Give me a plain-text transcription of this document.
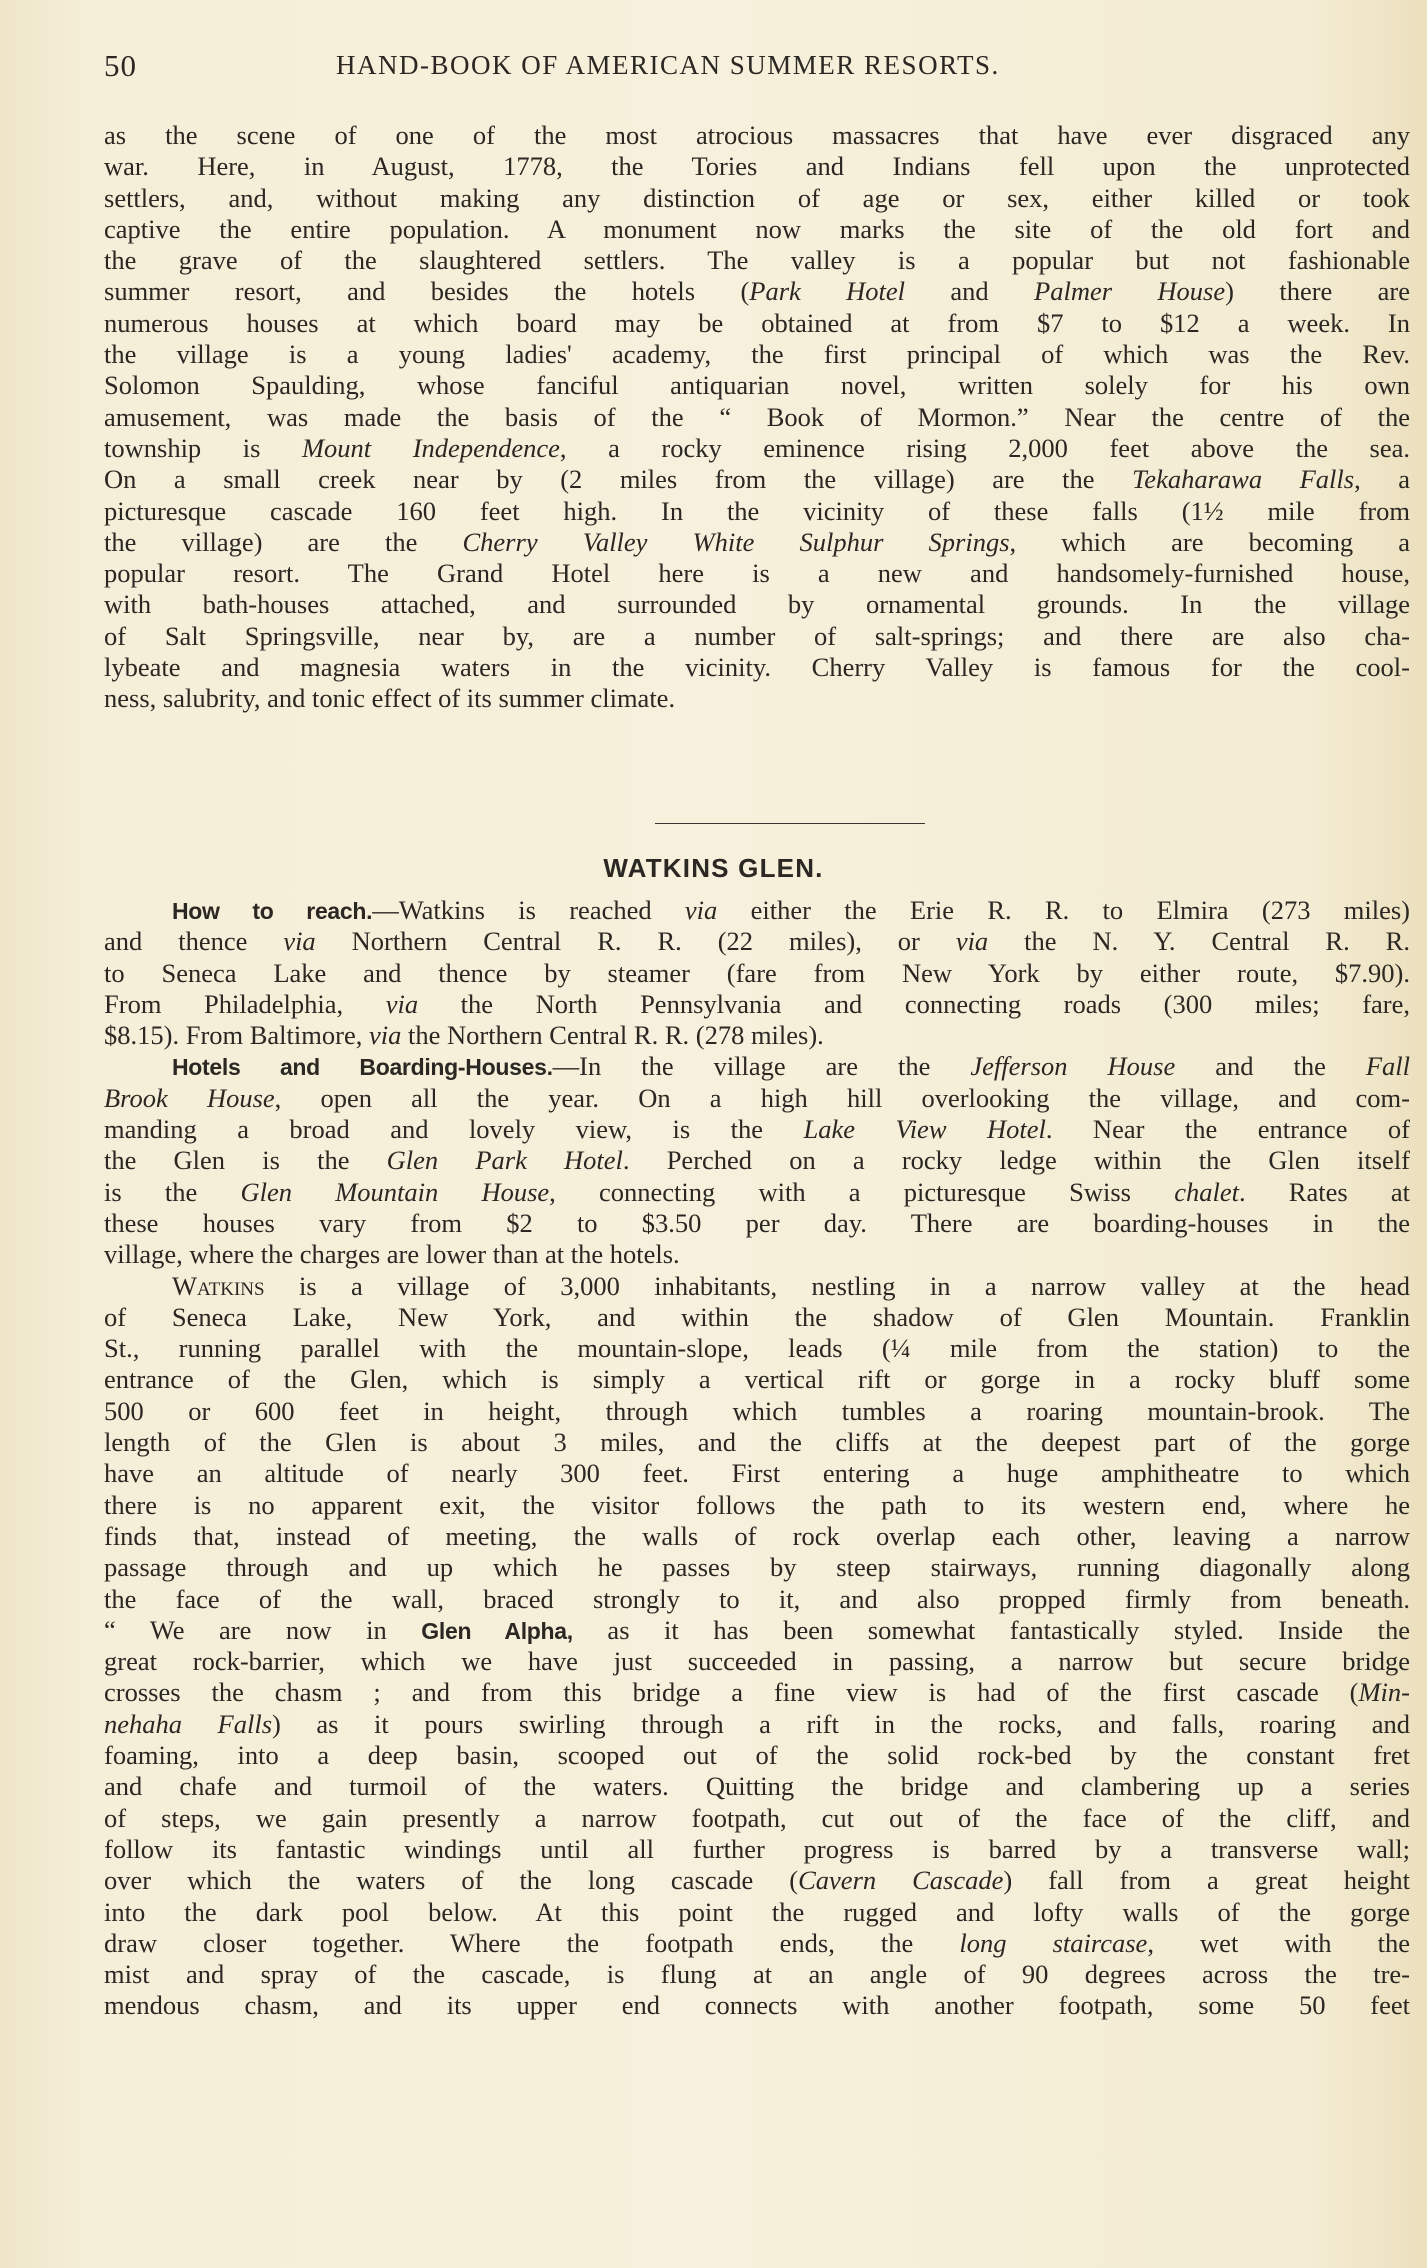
50	HAND-BOOK OF AMERICAN SUMMER RESORTS.
as the scene of one of the most atrocious massacres that have ever disgraced any
war. Here, in August, 1778, the Tories and Indians fell upon the unprotected
settlers, and, without making any distinction of age or sex, either killed or took
captive the entire population. A monument now marks the site of the old fort and
the grave of the slaughtered settlers. The valley is a popular but not fashionable
summer resort, and besides the hotels (Park Hotel and Palmer House) there are
numerous houses at which board may be obtained at from $7 to $12 a week. In
the village is a young ladies' academy, the first principal of which was the Rev.
Solomon Spaulding, whose fanciful antiquarian novel, written solely for his own
amusement, was made the basis of the “ Book of Mormon.” Near the centre of the
township is Mount Independence, a rocky eminence rising 2,000 feet above the sea.
On a small creek near by (2 miles from the village) are the Tekaharawa Falls, a
picturesque cascade 160 feet high. In the vicinity of these falls (1½ mile from
the village) are the Cherry Valley White Sulphur Springs, which are becoming a
popular resort. The Grand Hotel here is a new and handsomely-furnished house,
with bath-houses attached, and surrounded by ornamental grounds. In the village
of Salt Springsville, near by, are a number of salt-springs; and there are also cha-
lybeate and magnesia waters in the vicinity. Cherry Valley is famous for the cool-
ness, salubrity, and tonic effect of its summer climate.
WATKINS GLEN.
How to reach.—Watkins is reached via either the Erie R. R. to Elmira (273 miles)
and thence via Northern Central R. R. (22 miles), or via the N. Y. Central R. R.
to Seneca Lake and thence by steamer (fare from New York by either route, $7.90).
From Philadelphia, via the North Pennsylvania and connecting roads (300 miles; fare,
$8.15). From Baltimore, via the Northern Central R. R. (278 miles).
Hotels and Boarding-Houses.—In the village are the Jefferson House and the Fall
Brook House, open all the year. On a high hill overlooking the village, and com-
manding a broad and lovely view, is the Lake View Hotel. Near the entrance of
the Glen is the Glen Park Hotel. Perched on a rocky ledge within the Glen itself
is the Glen Mountain House, connecting with a picturesque Swiss chalet. Rates at
these houses vary from $2 to $3.50 per day. There are boarding-houses in the
village, where the charges are lower than at the hotels.
Watkins is a village of 3,000 inhabitants, nestling in a narrow valley at the head
of Seneca Lake, New York, and within the shadow of Glen Mountain. Franklin
St., running parallel with the mountain-slope, leads (¼ mile from the station) to the
entrance of the Glen, which is simply a vertical rift or gorge in a rocky bluff some
500 or 600 feet in height, through which tumbles a roaring mountain-brook. The
length of the Glen is about 3 miles, and the cliffs at the deepest part of the gorge
have an altitude of nearly 300 feet. First entering a huge amphitheatre to which
there is no apparent exit, the visitor follows the path to its western end, where he
finds that, instead of meeting, the walls of rock overlap each other, leaving a narrow
passage through and up which he passes by steep stairways, running diagonally along
the face of the wall, braced strongly to it, and also propped firmly from beneath.
“ We are now in Glen Alpha, as it has been somewhat fantastically styled. Inside the
great rock-barrier, which we have just succeeded in passing, a narrow but secure bridge
crosses the chasm ; and from this bridge a fine view is had of the first cascade (Min-
nehaha Falls) as it pours swirling through a rift in the rocks, and falls, roaring and
foaming, into a deep basin, scooped out of the solid rock-bed by the constant fret
and chafe and turmoil of the waters. Quitting the bridge and clambering up a series
of steps, we gain presently a narrow footpath, cut out of the face of the cliff, and
follow its fantastic windings until all further progress is barred by a transverse wall;
over which the waters of the long cascade (Cavern Cascade) fall from a great height
into the dark pool below. At this point the rugged and lofty walls of the gorge
draw closer together. Where the footpath ends, the long staircase, wet with the
mist and spray of the cascade, is flung at an angle of 90 degrees across the tre-
mendous chasm, and its upper end connects with another footpath, some 50 feet
